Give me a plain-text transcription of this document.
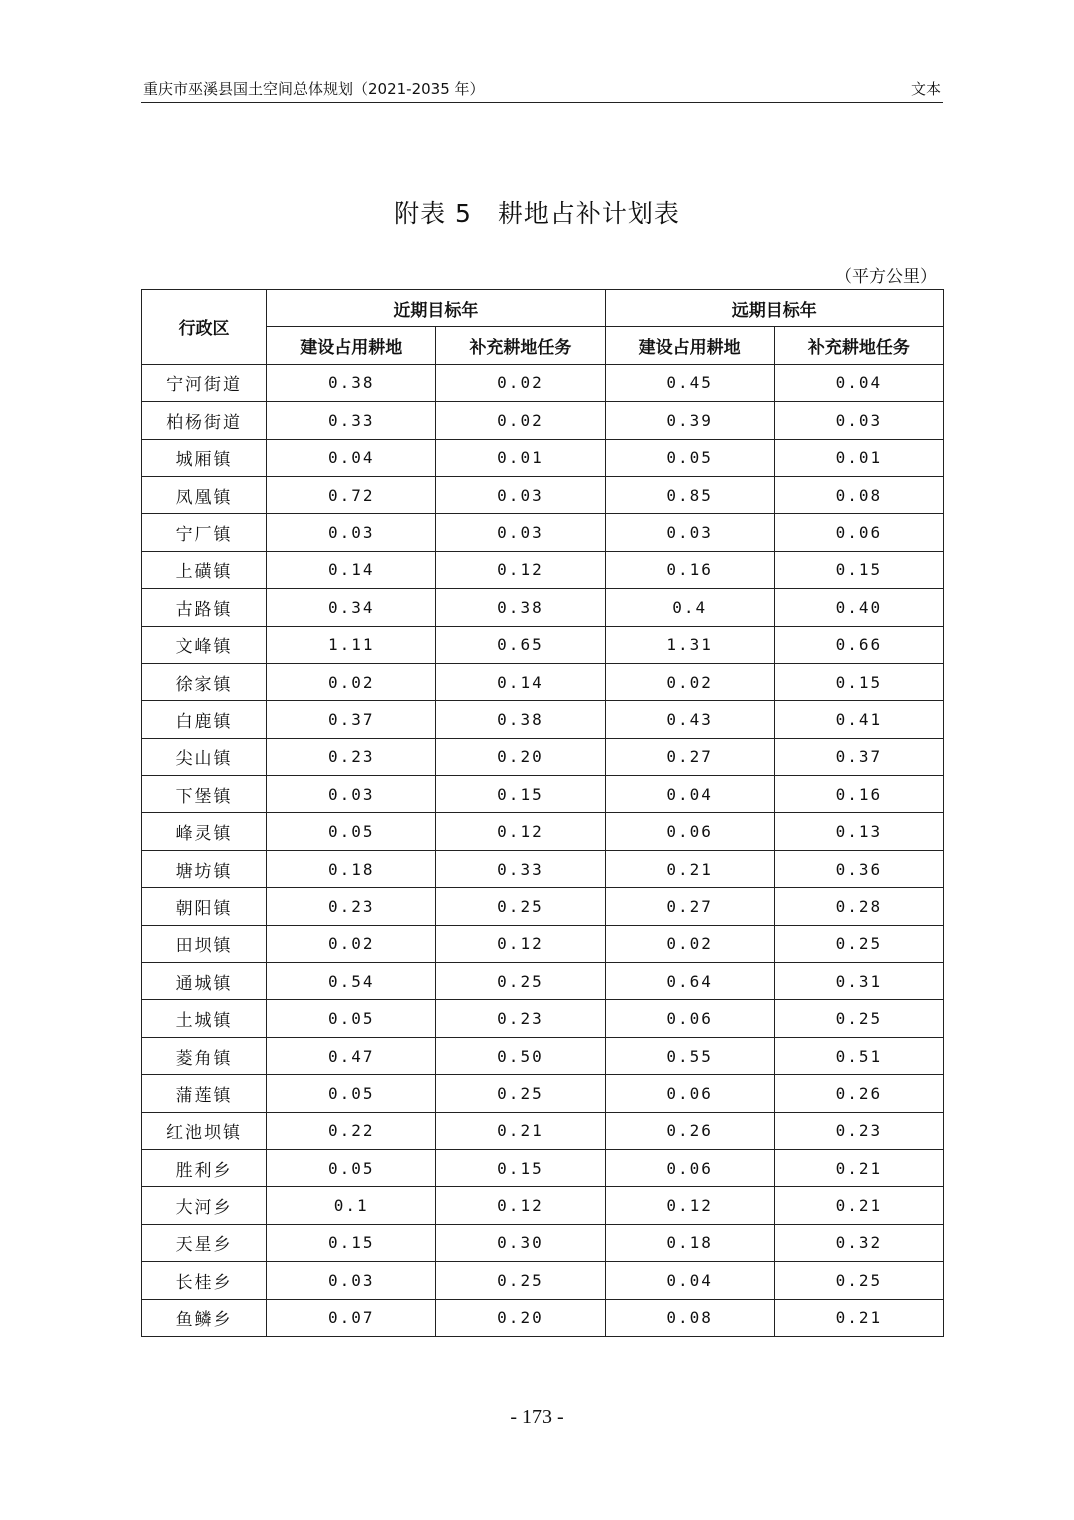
重庆市巫溪县国土空间总体规划（2021-2035 年）	文本
附表 5　耕地占补计划表
（平方公里）
行政区	近期目标年		远期目标年	
	建设占用耕地	补充耕地任务	建设占用耕地	补充耕地任务
宁河街道	0.38	0.02	0.45	0.04
柏杨街道	0.33	0.02	0.39	0.03
城厢镇	0.04	0.01	0.05	0.01
凤凰镇	0.72	0.03	0.85	0.08
宁厂镇	0.03	0.03	0.03	0.06
上磺镇	0.14	0.12	0.16	0.15
古路镇	0.34	0.38	0.4	0.40
文峰镇	1.11	0.65	1.31	0.66
徐家镇	0.02	0.14	0.02	0.15
白鹿镇	0.37	0.38	0.43	0.41
尖山镇	0.23	0.20	0.27	0.37
下堡镇	0.03	0.15	0.04	0.16
峰灵镇	0.05	0.12	0.06	0.13
塘坊镇	0.18	0.33	0.21	0.36
朝阳镇	0.23	0.25	0.27	0.28
田坝镇	0.02	0.12	0.02	0.25
通城镇	0.54	0.25	0.64	0.31
土城镇	0.05	0.23	0.06	0.25
菱角镇	0.47	0.50	0.55	0.51
蒲莲镇	0.05	0.25	0.06	0.26
红池坝镇	0.22	0.21	0.26	0.23
胜利乡	0.05	0.15	0.06	0.21
大河乡	0.1	0.12	0.12	0.21
天星乡	0.15	0.30	0.18	0.32
长桂乡	0.03	0.25	0.04	0.25
鱼鳞乡	0.07	0.20	0.08	0.21
- 173 -
